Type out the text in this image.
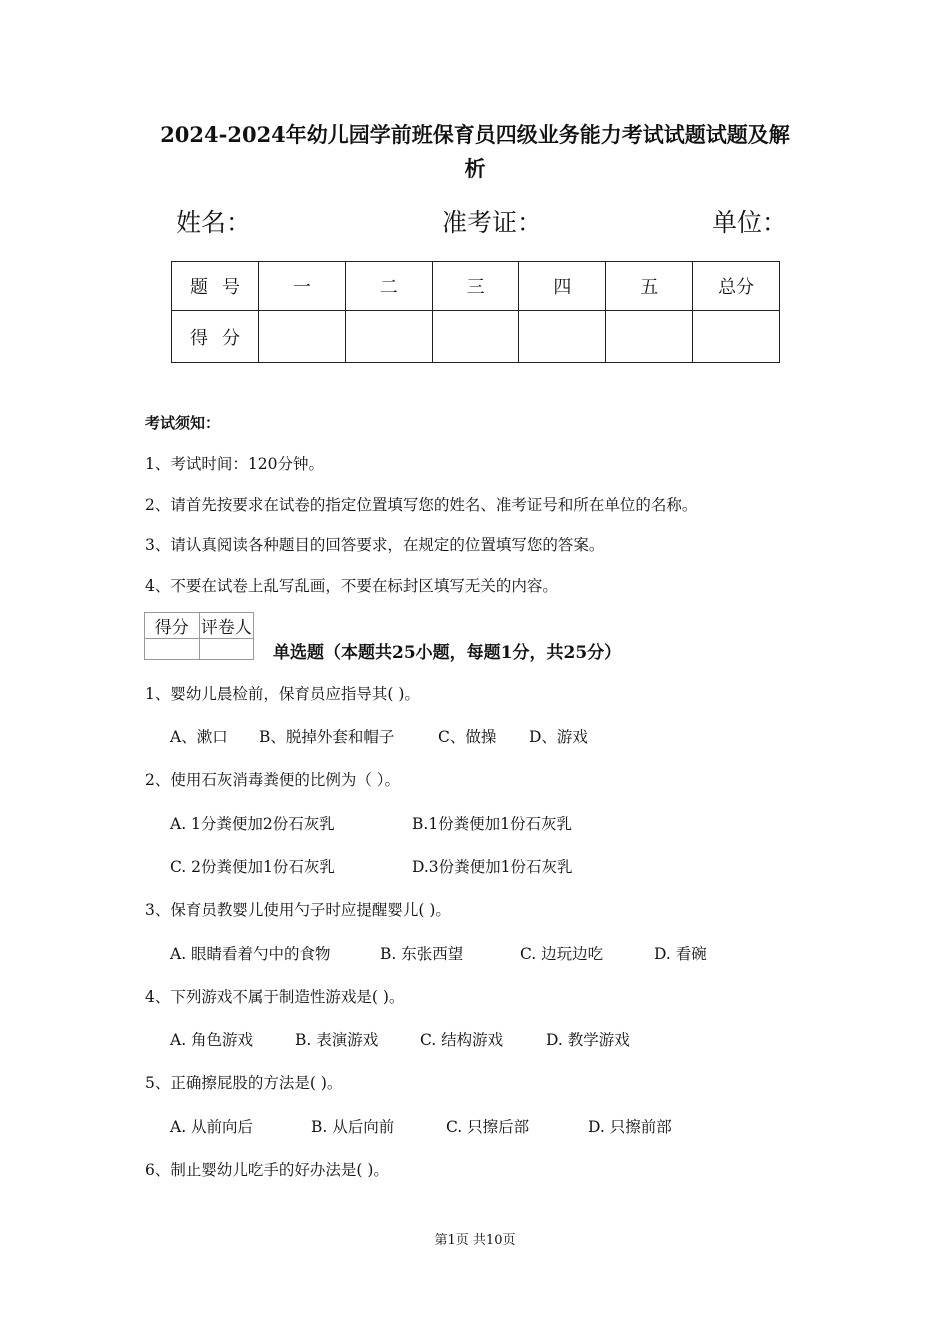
2024-2024年幼儿园学前班保育员四级业务能力考试试题试题及解
析
姓名：	准考证：	单位：
题号	一	二	三	四	五	总分
得分						
考试须知：
1、考试时间：120分钟。
2、请首先按要求在试卷的指定位置填写您的姓名、准考证号和所在单位的名称。
3、请认真阅读各种题目的回答要求，在规定的位置填写您的答案。
4、不要在试卷上乱写乱画，不要在标封区填写无关的内容。
得分	评卷人

单选题（本题共25小题，每题1分，共25分）
1、婴幼儿晨检前，保育员应指导其( )。
A、漱口 B、脱掉外套和帽子	C、做操 D、游戏
2、使用石灰消毒粪便的比例为（ ）。
A. 1分粪便加2份石灰乳	B.1份粪便加1份石灰乳
C. 2份粪便加1份石灰乳	D.3份粪便加1份石灰乳
3、保育员教婴儿使用勺子时应提醒婴儿( )。
A. 眼睛看着勺中的食物	B. 东张西望	C. 边玩边吃	D. 看碗
4、下列游戏不属于制造性游戏是( )。
A. 角色游戏	B. 表演游戏	C. 结构游戏	D. 教学游戏
5、正确擦屁股的方法是( )。
A. 从前向后	B. 从后向前	C. 只擦后部	D. 只擦前部
6、制止婴幼儿吃手的好办法是( )。
第1页 共10页
